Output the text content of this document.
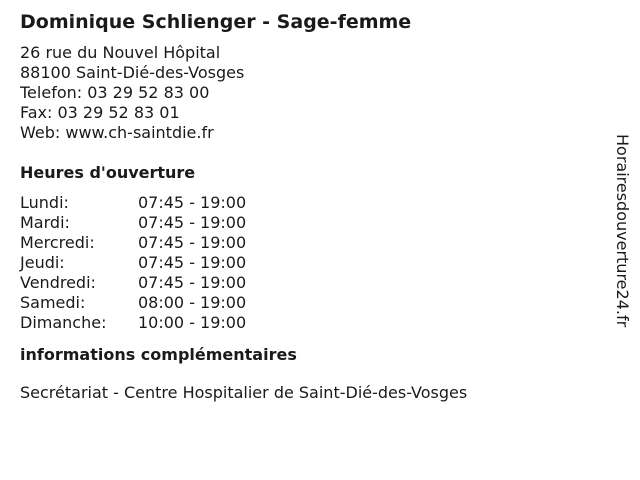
Dominique Schlienger - Sage-femme
26 rue du Nouvel Hôpital
88100 Saint-Dié-des-Vosges
Telefon: 03 29 52 83 00
Fax: 03 29 52 83 01
Web: www.ch-saintdie.fr
Heures d'ouverture
Lundi:	07:45 - 19:00
Mardi:	07:45 - 19:00
Mercredi:	07:45 - 19:00
Jeudi:	07:45 - 19:00
Vendredi:	07:45 - 19:00
Samedi:	08:00 - 19:00
Dimanche: 10:00 - 19:00
informations complémentaires
Secrétariat - Centre Hospitalier de Saint-Dié-des-Vosges
Horairesdouverture24.fr
